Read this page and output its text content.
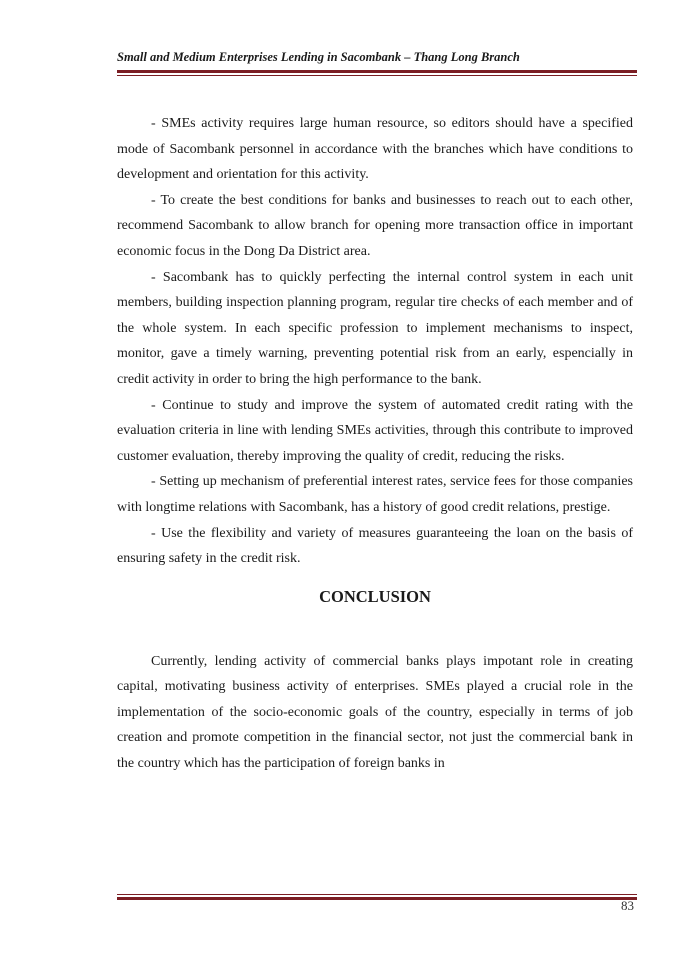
Small and Medium Enterprises Lending in Sacombank – Thang Long Branch

- SMEs activity requires large human resource, so editors should have a specified mode of Sacombank personnel in accordance with the branches which have conditions to development and orientation for this activity.

- To create the best conditions for banks and businesses to reach out to each other, recommend Sacombank to allow branch for opening more transaction office in important economic focus in the Dong Da District area.

- Sacombank has to quickly perfecting the internal control system in each unit members, building inspection planning program, regular tire checks of each member and of the whole system. In each specific profession to implement mechanisms to inspect, monitor, gave a timely warning, preventing potential risk from an early, espencially in credit activity in order to bring the high performance to the bank.

- Continue to study and improve the system of automated credit rating with the evaluation criteria in line with lending SMEs activities, through this contribute to improved customer evaluation, thereby improving the quality of credit, reducing the risks.

- Setting up mechanism of preferential interest rates, service fees for those companies with longtime relations with Sacombank, has a history of good credit relations, prestige.

- Use the flexibility and variety of measures guaranteeing the loan on the basis of ensuring safety in the credit risk.

CONCLUSION

Currently, lending activity of commercial banks plays impotant role in creating capital, motivating business activity of enterprises. SMEs played a crucial role in the implementation of the socio-economic goals of the country, especially in terms of job creation and promote competition in the financial sector, not just the commercial bank in the country which has the participation of foreign banks in

83
